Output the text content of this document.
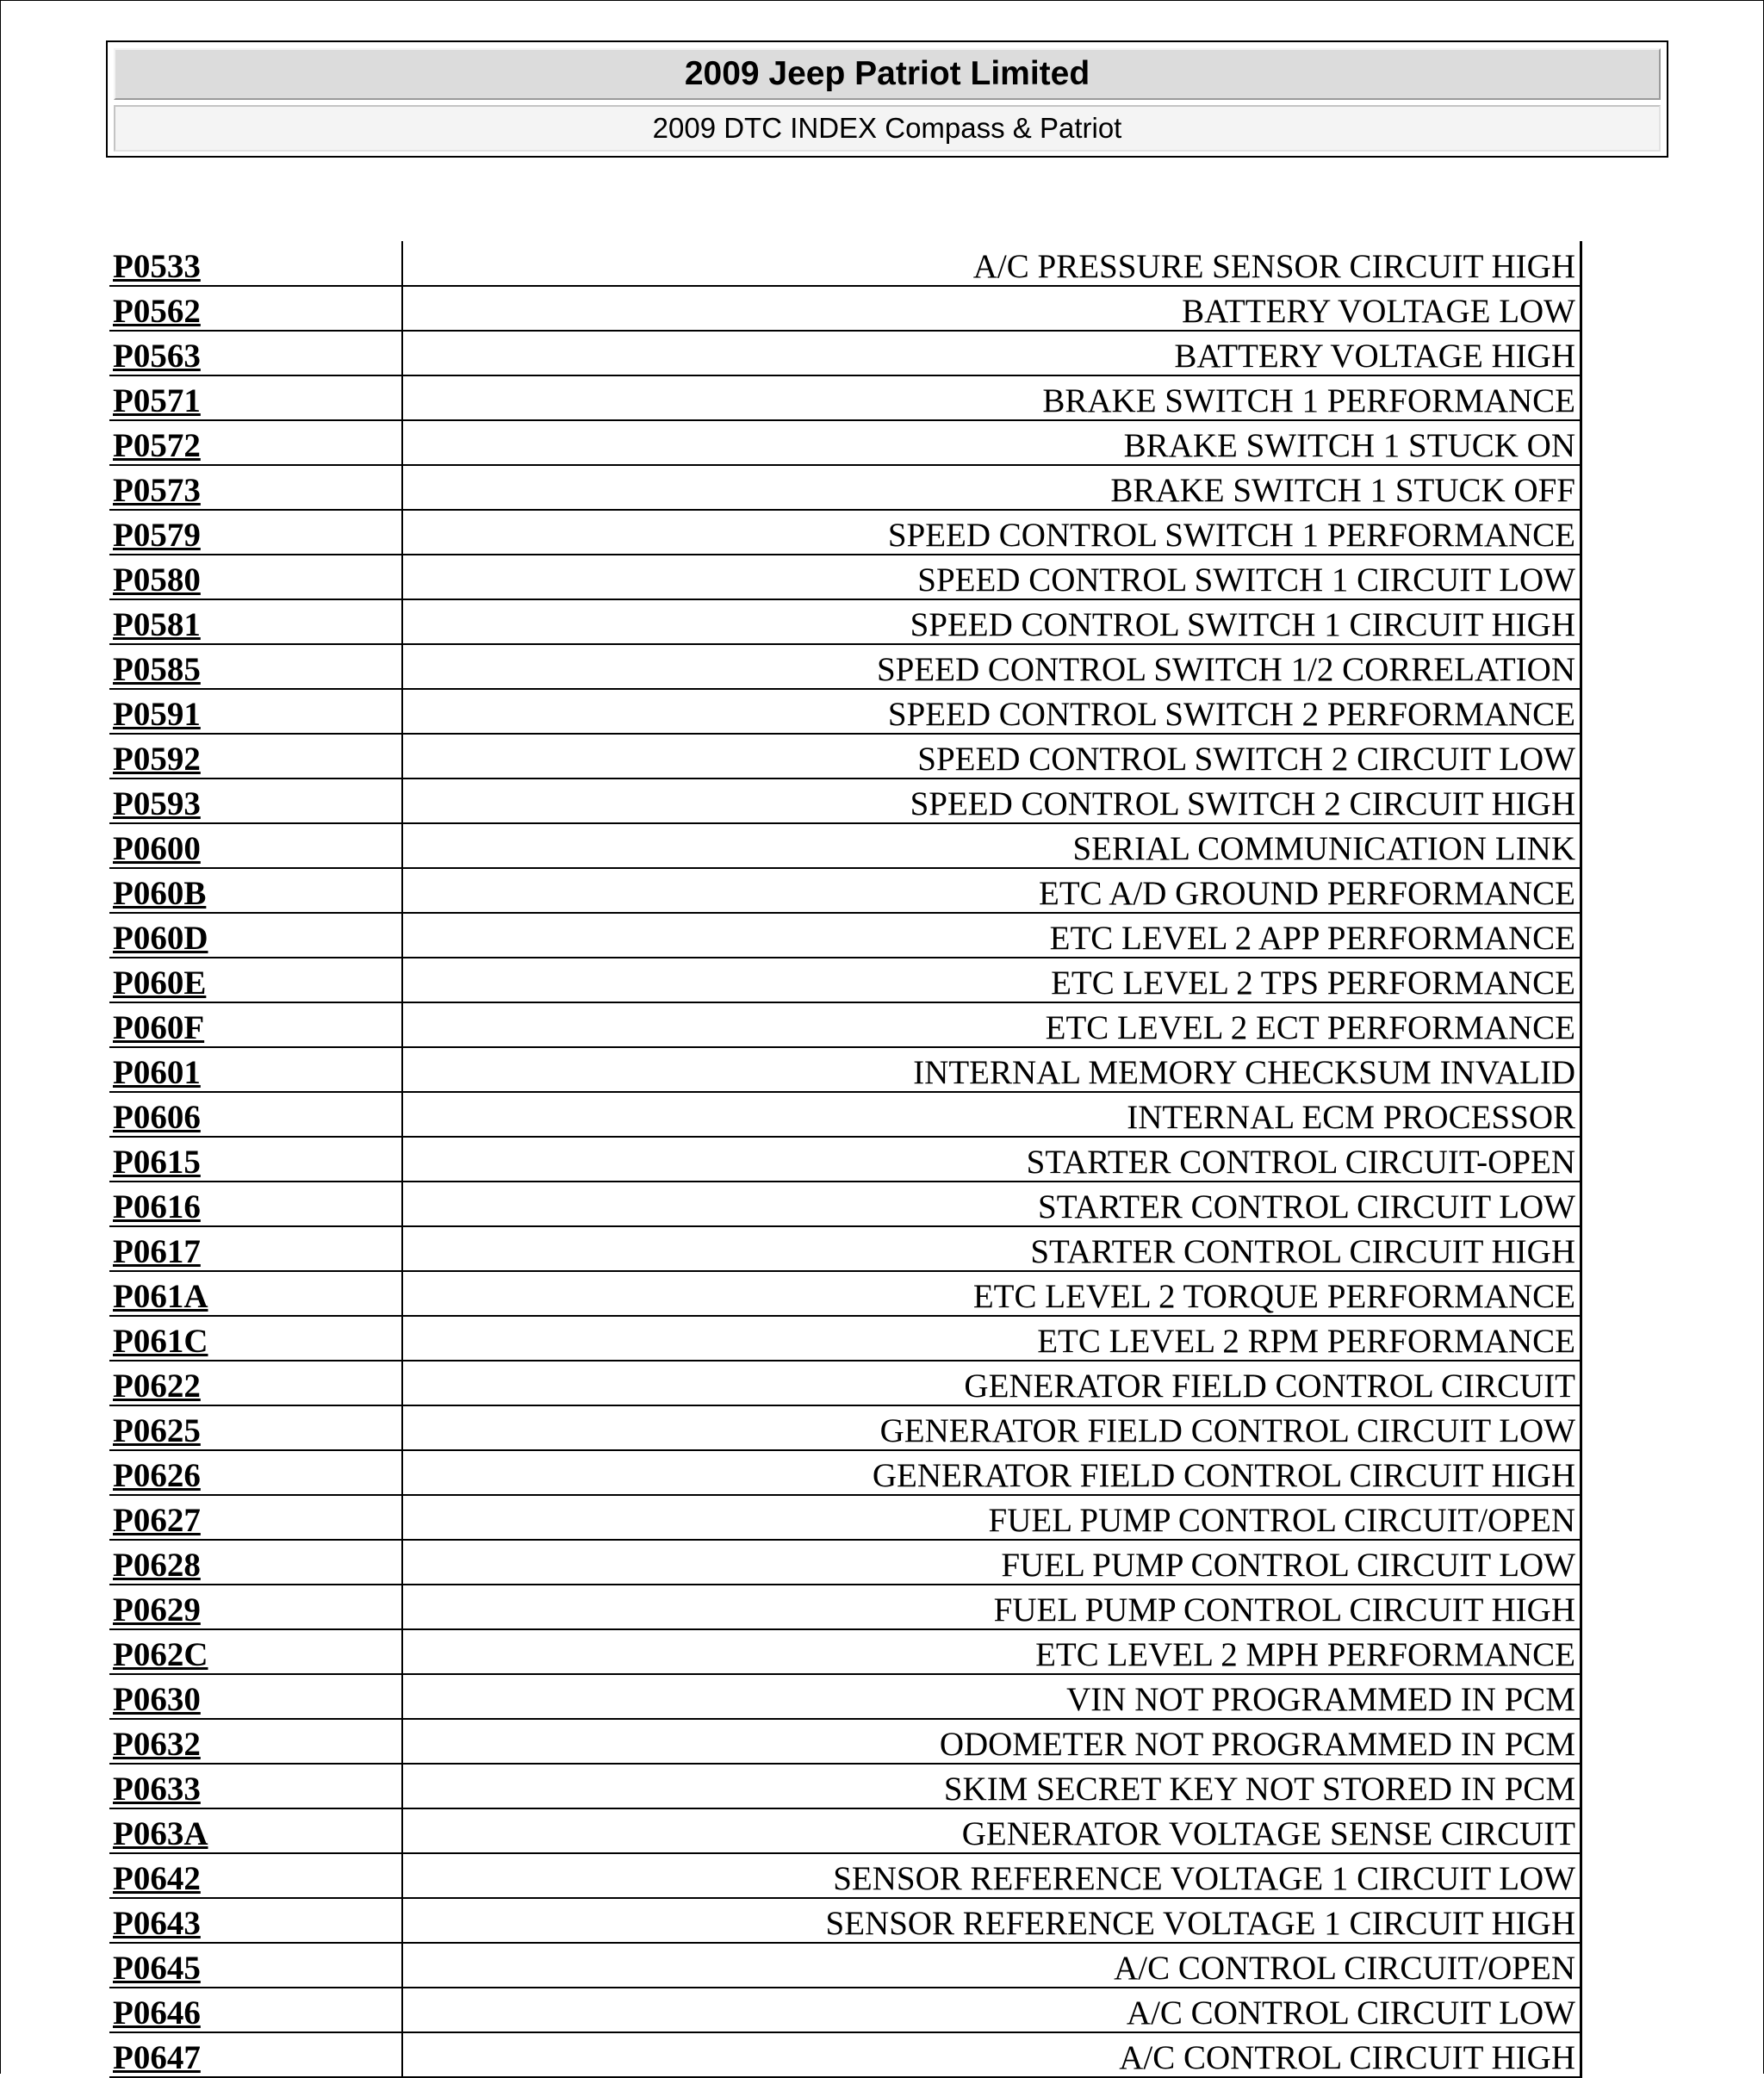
2009 Jeep Patriot Limited
2009 DTC INDEX Compass & Patriot
P0533	A/C PRESSURE SENSOR CIRCUIT HIGH
P0562	BATTERY VOLTAGE LOW
P0563	BATTERY VOLTAGE HIGH
P0571	BRAKE SWITCH 1 PERFORMANCE
P0572	BRAKE SWITCH 1 STUCK ON
P0573	BRAKE SWITCH 1 STUCK OFF
P0579	SPEED CONTROL SWITCH 1 PERFORMANCE
P0580	SPEED CONTROL SWITCH 1 CIRCUIT LOW
P0581	SPEED CONTROL SWITCH 1 CIRCUIT HIGH
P0585	SPEED CONTROL SWITCH 1/2 CORRELATION
P0591	SPEED CONTROL SWITCH 2 PERFORMANCE
P0592	SPEED CONTROL SWITCH 2 CIRCUIT LOW
P0593	SPEED CONTROL SWITCH 2 CIRCUIT HIGH
P0600	SERIAL COMMUNICATION LINK
P060B	ETC A/D GROUND PERFORMANCE
P060D	ETC LEVEL 2 APP PERFORMANCE
P060E	ETC LEVEL 2 TPS PERFORMANCE
P060F	ETC LEVEL 2 ECT PERFORMANCE
P0601	INTERNAL MEMORY CHECKSUM INVALID
P0606	INTERNAL ECM PROCESSOR
P0615	STARTER CONTROL CIRCUIT-OPEN
P0616	STARTER CONTROL CIRCUIT LOW
P0617	STARTER CONTROL CIRCUIT HIGH
P061A	ETC LEVEL 2 TORQUE PERFORMANCE
P061C	ETC LEVEL 2 RPM PERFORMANCE
P0622	GENERATOR FIELD CONTROL CIRCUIT
P0625	GENERATOR FIELD CONTROL CIRCUIT LOW
P0626	GENERATOR FIELD CONTROL CIRCUIT HIGH
P0627	FUEL PUMP CONTROL CIRCUIT/OPEN
P0628	FUEL PUMP CONTROL CIRCUIT LOW
P0629	FUEL PUMP CONTROL CIRCUIT HIGH
P062C	ETC LEVEL 2 MPH PERFORMANCE
P0630	VIN NOT PROGRAMMED IN PCM
P0632	ODOMETER NOT PROGRAMMED IN PCM
P0633	SKIM SECRET KEY NOT STORED IN PCM
P063A	GENERATOR VOLTAGE SENSE CIRCUIT
P0642	SENSOR REFERENCE VOLTAGE 1 CIRCUIT LOW
P0643	SENSOR REFERENCE VOLTAGE 1 CIRCUIT HIGH
P0645	A/C CONTROL CIRCUIT/OPEN
P0646	A/C CONTROL CIRCUIT LOW
P0647	A/C CONTROL CIRCUIT HIGH
